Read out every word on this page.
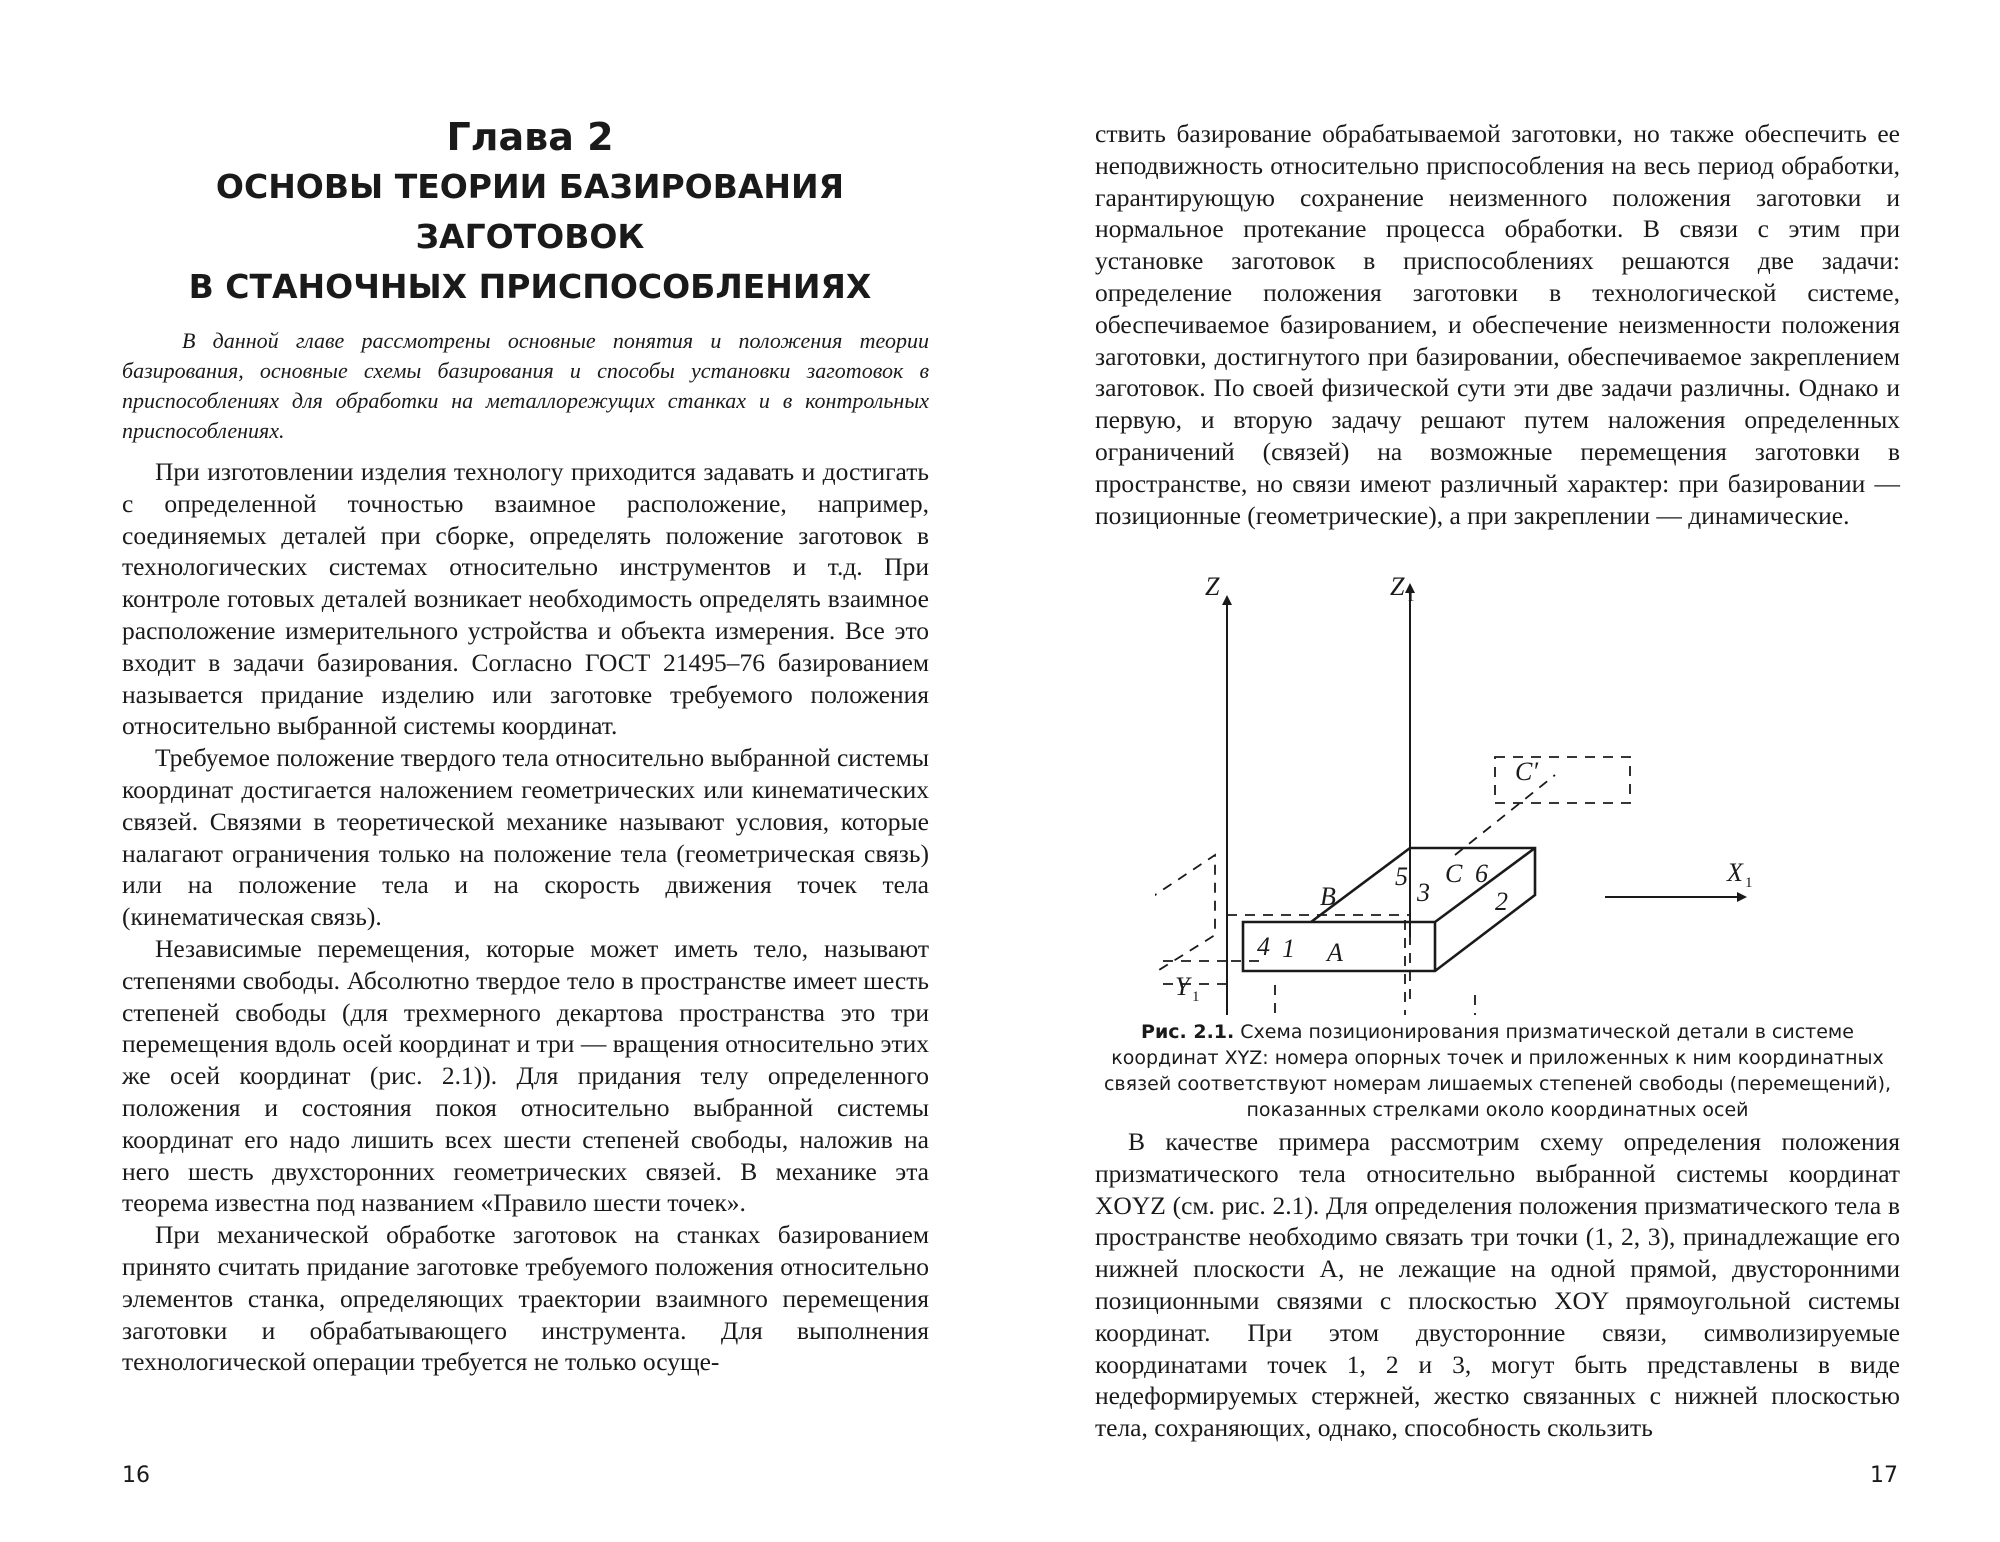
Глава 2
ОСНОВЫ ТЕОРИИ БАЗИРОВАНИЯ ЗАГОТОВОК
В СТАНОЧНЫХ ПРИСПОСОБЛЕНИЯХ
В данной главе рассмотрены основные понятия и положения теории базирования, основные схемы базирования и способы установки заготовок в приспособлениях для обработки на металлорежущих станках и в контрольных приспособлениях.

При изготовлении изделия технологу приходится задавать и достигать с определенной точностью взаимное расположение, например, соединяемых деталей при сборке, определять положение заготовок в технологических системах относительно инструментов и т.д. При контроле готовых деталей возникает необходимость определять взаимное расположение измерительного устройства и объекта измерения. Все это входит в задачи базирования. Согласно ГОСТ 21495–76 базированием называется придание изделию или заготовке требуемого положения относительно выбранной системы координат.

Требуемое положение твердого тела относительно выбранной системы координат достигается наложением геометрических или кинематических связей. Связями в теоретической механике называют условия, которые налагают ограничения только на положение тела (геометрическая связь) или на положение тела и на скорость движения точек тела (кинематическая связь).

Независимые перемещения, которые может иметь тело, называют степенями свободы. Абсолютно твердое тело в пространстве имеет шесть степеней свободы (для трехмерного декартова пространства это три перемещения вдоль осей координат и три — вращения относительно этих же осей координат (рис. 2.1)). Для придания телу определенного положения и состояния покоя относительно выбранной системы координат его надо лишить всех шести степеней свободы, наложив на него шесть двухсторонних геометрических связей. В механике эта теорема известна под названием «Правило шести точек».

При механической обработке заготовок на станках базированием принято считать придание заготовке требуемого положения относительно элементов станка, определяющих траектории взаимного перемещения заготовки и обрабатывающего инструмента. Для выполнения технологической операции требуется не только осуще-

16

ствить базирование обрабатываемой заготовки, но также обеспечить ее неподвижность относительно приспособления на весь период обработки, гарантирующую сохранение неизменного положения заготовки и нормальное протекание процесса обработки. В связи с этим при установке заготовок в приспособлениях решаются две задачи: определение положения заготовки в технологической системе, обеспечиваемое базированием, и обеспечение неизменности положения заготовки, достигнутого при базировании, обеспечиваемое закреплением заготовок. По своей физической сути эти две задачи различны. Однако и первую, и вторую задачу решают путем наложения определенных ограничений (связей) на возможные перемещения заготовки в пространстве, но связи имеют различный характер: при базировании — позиционные (геометрические), а при закреплении — динамические.

Z	Z 1
X 1
Y 1
A
B
C
C′
1
2
3
4
5	6
Рис. 2.1. Схема позиционирования призматической детали в системе координат XYZ: номера опорных точек и приложенных к ним координатных связей соответствуют номерам лишаемых степеней свободы (перемещений), показанных стрелками около координатных осей

В качестве примера рассмотрим схему определения положения призматического тела относительно выбранной системы координат XOYZ (см. рис. 2.1). Для определения положения призматического тела в пространстве необходимо связать три точки (1, 2, 3), принадлежащие его нижней плоскости A, не лежащие на одной прямой, двусторонними позиционными связями с плоскостью XOY прямоугольной системы координат. При этом двусторонние связи, символизируемые координатами точек 1, 2 и 3, могут быть представлены в виде недеформируемых стержней, жестко связанных с нижней плоскостью тела, сохраняющих, однако, способность скользить

17
